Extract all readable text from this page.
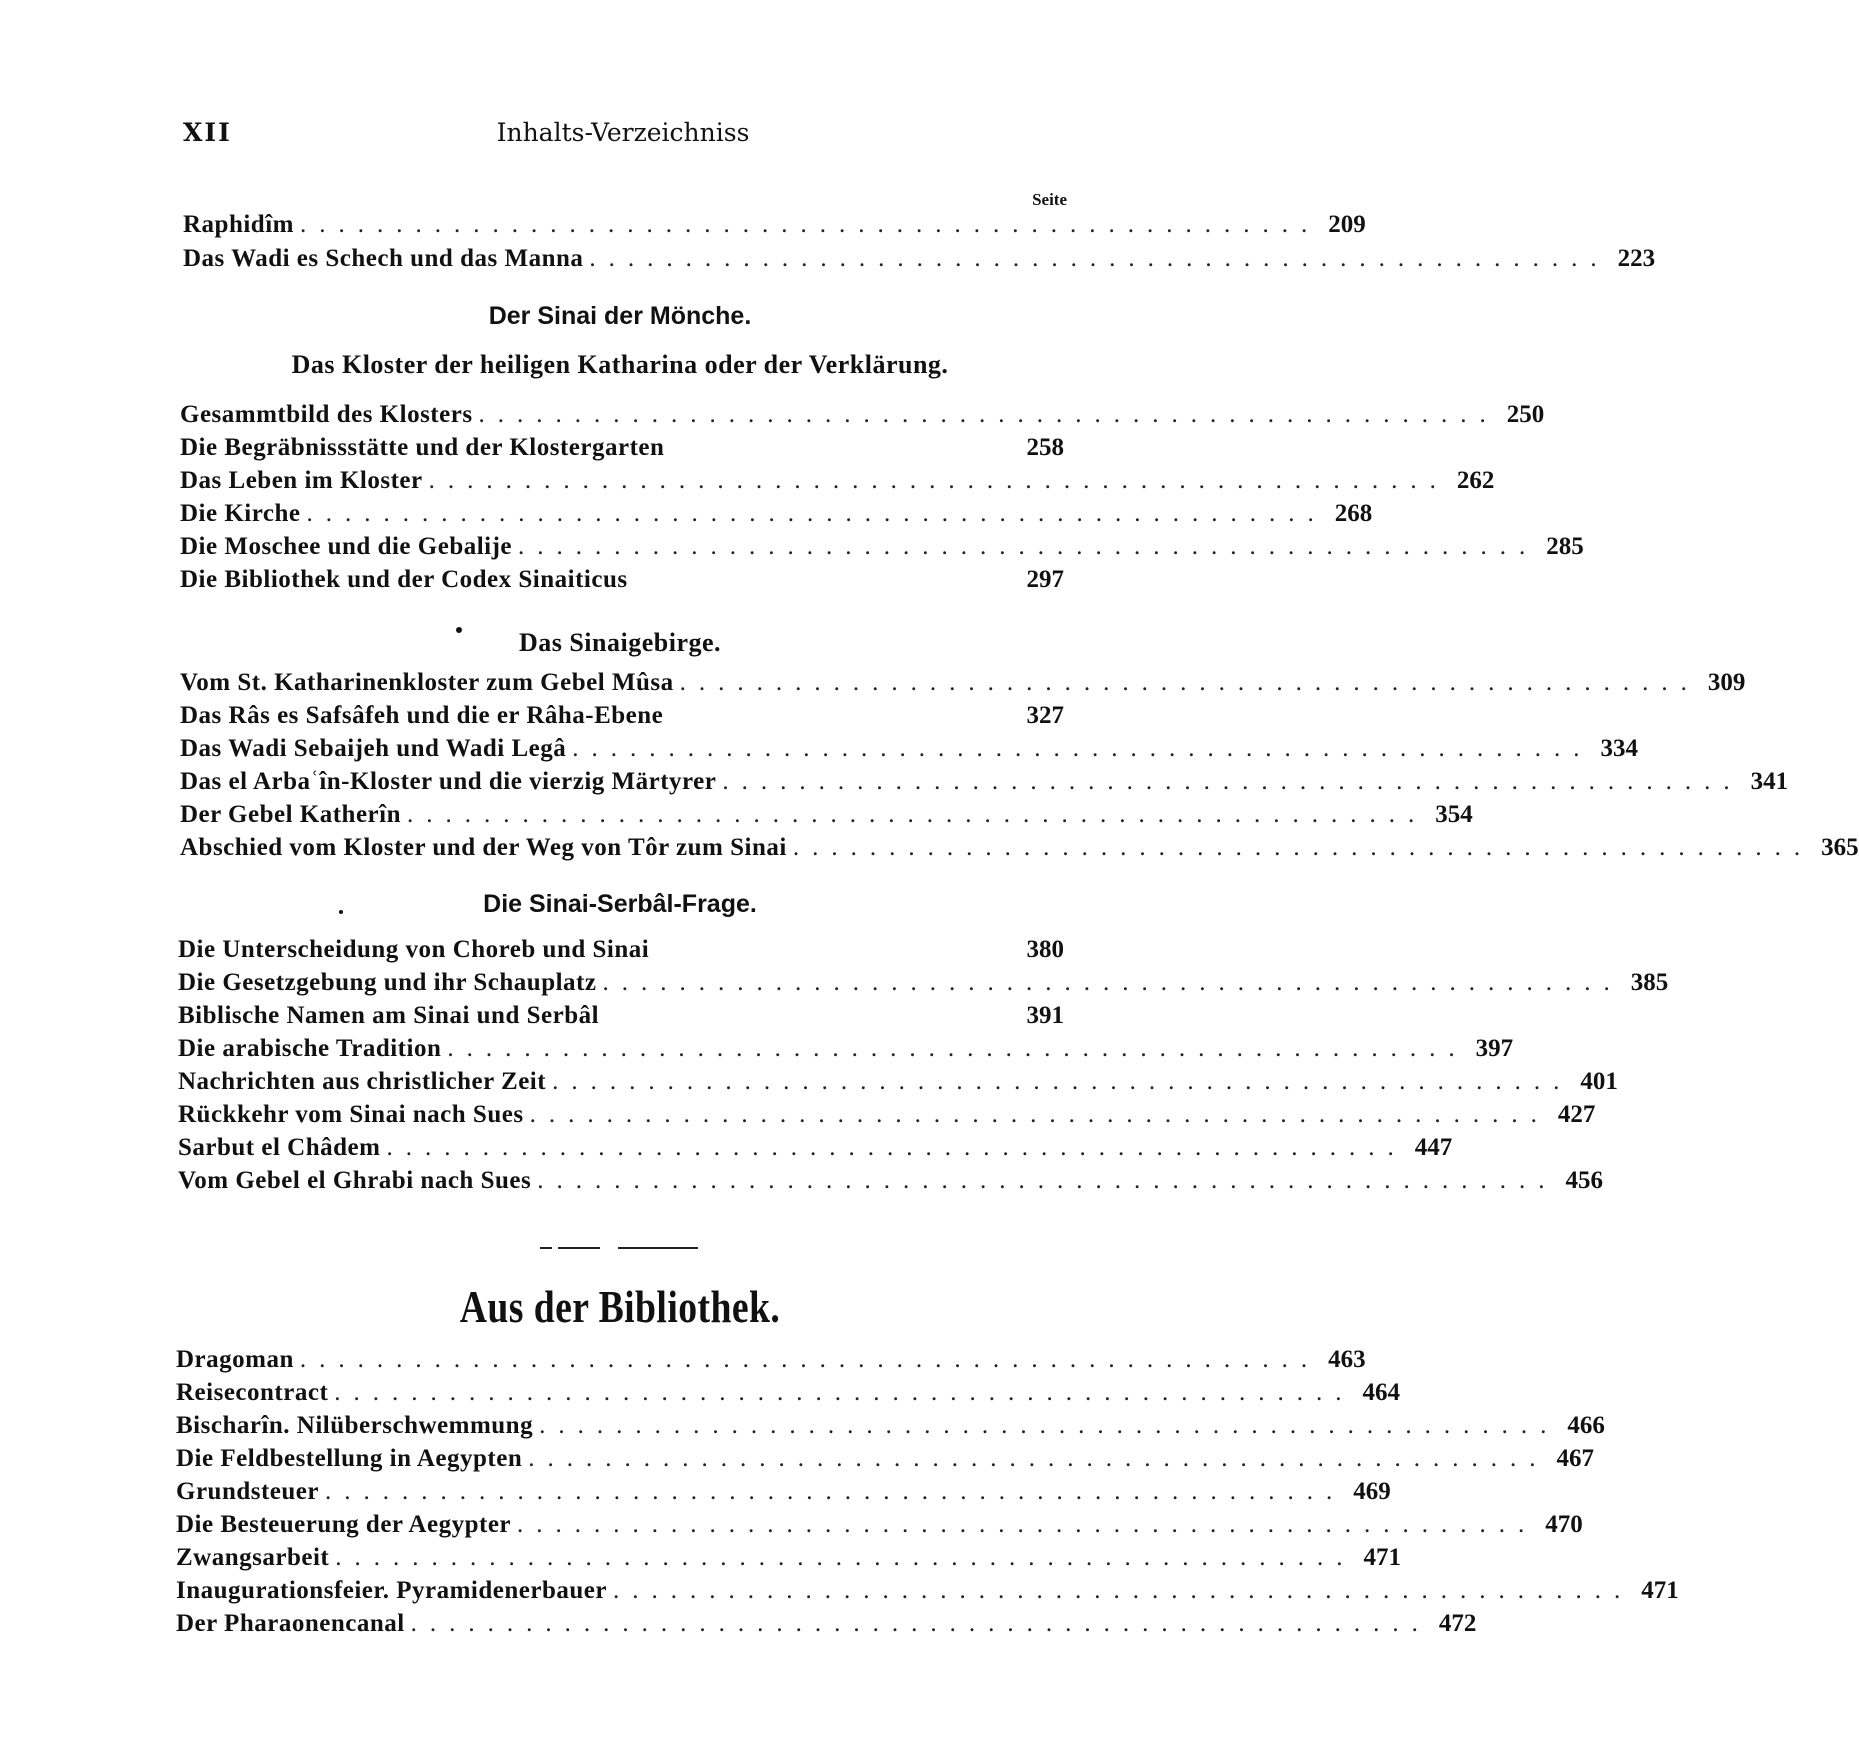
XII	Inhalts-Verzeichniss
Seite
Raphidîm ..................................................... 209
Das Wadi es Schech und das Manna ..................................................... 223
Der Sinai der Mönche.
Das Kloster der heiligen Katharina oder der Verklärung.
Gesammtbild des Klosters ..................................................... 250
Die Begräbnissstätte und der Klostergarten	258
Das Leben im Kloster ..................................................... 262
Die Kirche ..................................................... 268
Die Moschee und die Gebalije ..................................................... 285
Die Bibliothek und der Codex Sinaiticus	297
Das Sinaigebirge.
Vom St. Katharinenkloster zum Gebel Mûsa ..................................................... 309
Das Râs es Safsâfeh und die er Râha-Ebene	327
Das Wadi Sebaijeh und Wadi Legâ ..................................................... 334
Das el Arbaʿîn-Kloster und die vierzig Märtyrer ..................................................... 341
Der Gebel Katherîn ..................................................... 354
Abschied vom Kloster und der Weg von Tôr zum Sinai ..................................................... 365
Die Sinai-Serbâl-Frage.
Die Unterscheidung von Choreb und Sinai	380
Die Gesetzgebung und ihr Schauplatz ..................................................... 385
Biblische Namen am Sinai und Serbâl	391
Die arabische Tradition ..................................................... 397
Nachrichten aus christlicher Zeit ..................................................... 401
Rückkehr vom Sinai nach Sues ..................................................... 427
Sarbut el Châdem ..................................................... 447
Vom Gebel el Ghrabi nach Sues ..................................................... 456
Aus der Bibliothek.
Dragoman ..................................................... 463
Reisecontract ..................................................... 464
Bischarîn. Nilüberschwemmung ..................................................... 466
Die Feldbestellung in Aegypten ..................................................... 467
Grundsteuer ..................................................... 469
Die Besteuerung der Aegypter ..................................................... 470
Zwangsarbeit ..................................................... 471
Inaugurationsfeier. Pyramidenerbauer ..................................................... 471
Der Pharaonencanal ..................................................... 472
